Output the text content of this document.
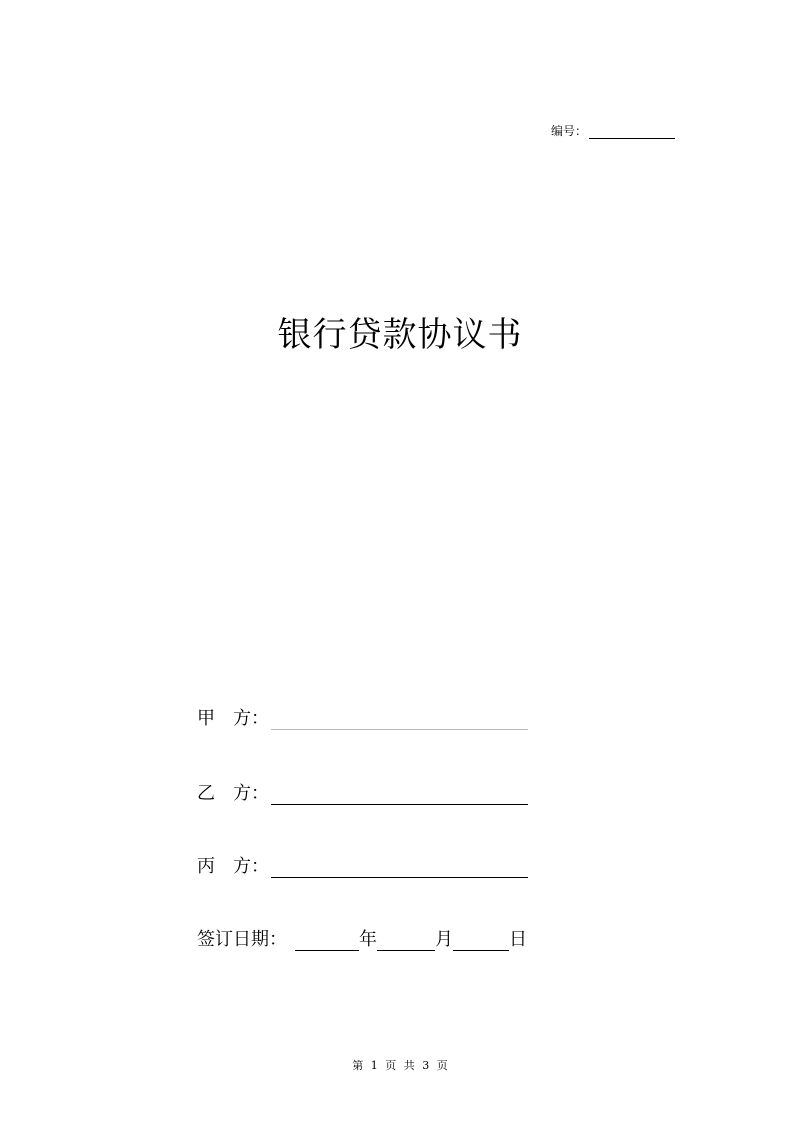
编号：
银行贷款协议书
甲	方：
乙	方：
丙	方：
签订日期：	年	月	日
第 1 页 共 3 页
